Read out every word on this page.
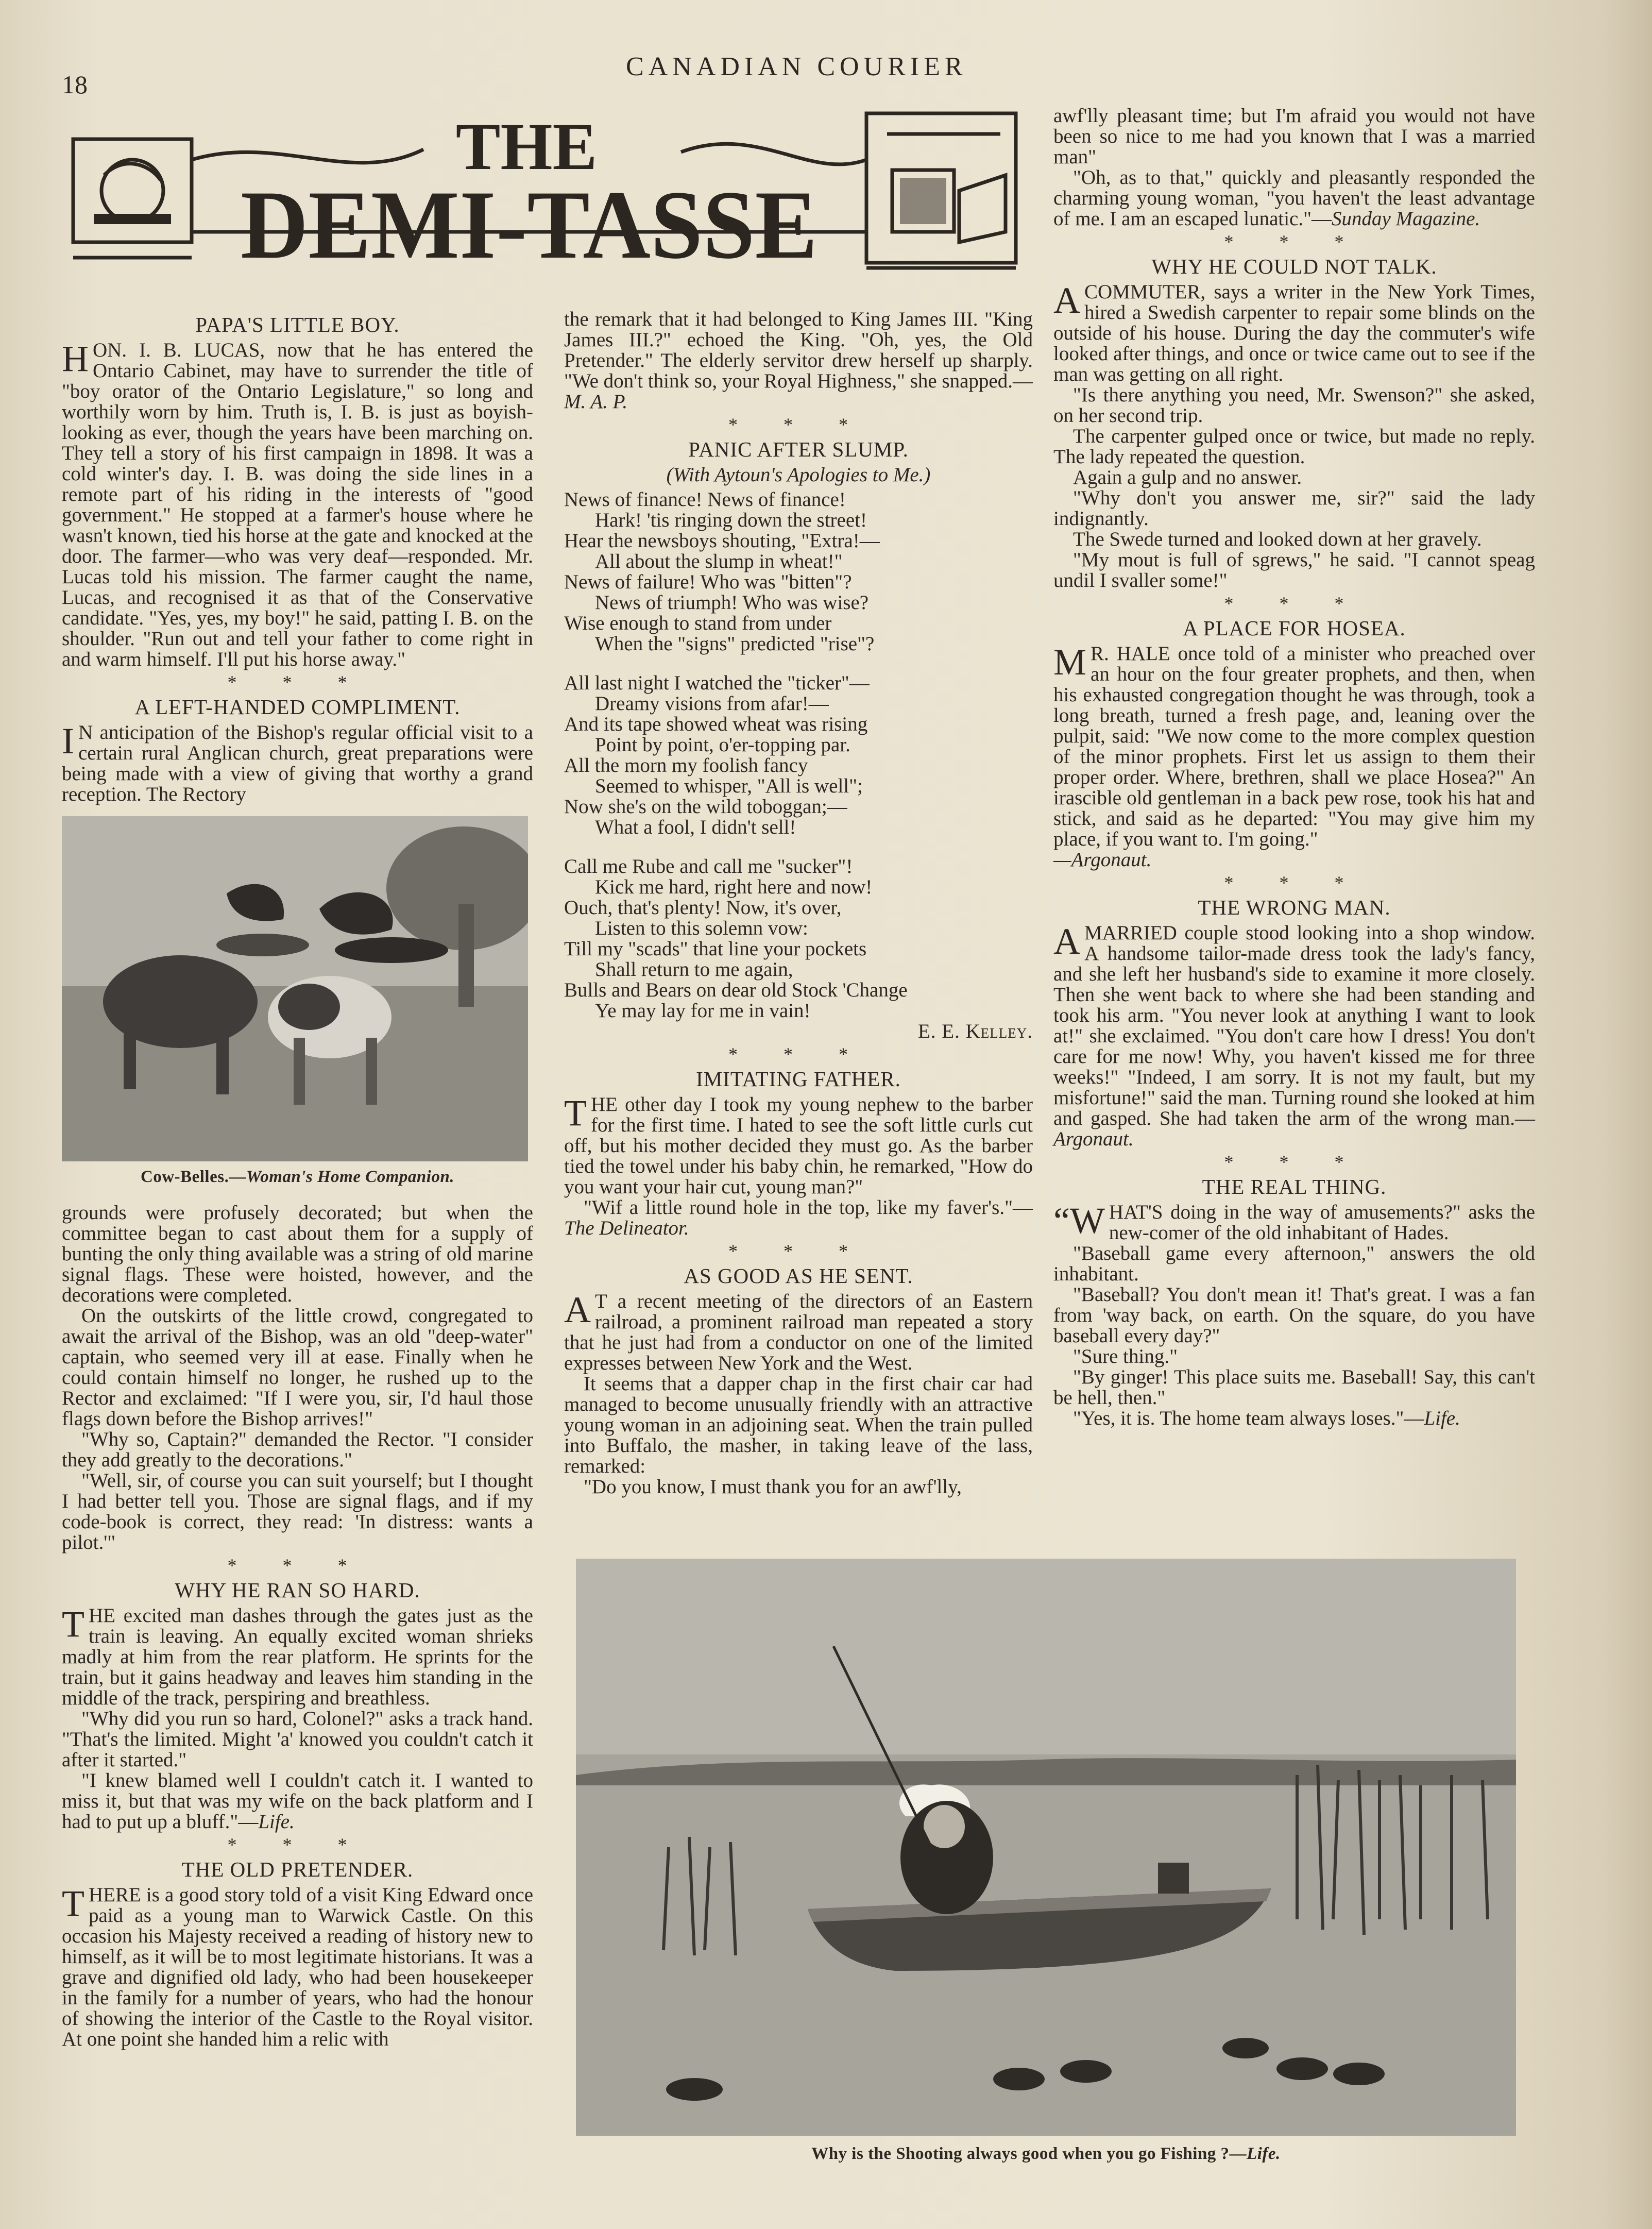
18
CANADIAN COURIER
THE
DEMI-TASSE
PAPA'S LITTLE BOY.

HON. I. B. LUCAS, now that he has entered the Ontario Cabinet, may have to surrender the title of "boy orator of the Ontario Legislature," so long and worthily worn by him. Truth is, I. B. is just as boyish-looking as ever, though the years have been marching on. They tell a story of his first campaign in 1898. It was a cold winter's day. I. B. was doing the side lines in a remote part of his riding in the interests of "good government." He stopped at a farmer's house where he wasn't known, tied his horse at the gate and knocked at the door. The farmer—who was very deaf—responded. Mr. Lucas told his mission. The farmer caught the name, Lucas, and recognised it as that of the Conservative candidate. "Yes, yes, my boy!" he said, patting I. B. on the shoulder. "Run out and tell your father to come right in and warm himself. I'll put his horse away."

* * *
A LEFT-HANDED COMPLIMENT.

I N anticipation of the Bishop's regular official visit to a certain rural Anglican church, great preparations were being made with a view of giving that worthy a grand reception. The Rectory

Cow-Belles.—Woman's Home Companion.

grounds were profusely decorated; but when the committee began to cast about them for a supply of bunting the only thing available was a string of old marine signal flags. These were hoisted, however, and the decorations were completed.

On the outskirts of the little crowd, congregated to await the arrival of the Bishop, was an old "deep-water" captain, who seemed very ill at ease. Finally when he could contain himself no longer, he rushed up to the Rector and exclaimed: "If I were you, sir, I'd haul those flags down before the Bishop arrives!"

"Why so, Captain?" demanded the Rector. "I consider they add greatly to the decorations."

"Well, sir, of course you can suit yourself; but I thought I had better tell you. Those are signal flags, and if my code-book is correct, they read: 'In distress: wants a pilot.'"

* * *
WHY HE RAN SO HARD.

THE excited man dashes through the gates just as the train is leaving. An equally excited woman shrieks madly at him from the rear platform. He sprints for the train, but it gains headway and leaves him standing in the middle of the track, perspiring and breathless.

"Why did you run so hard, Colonel?" asks a track hand. "That's the limited. Might 'a' knowed you couldn't catch it after it started."

"I knew blamed well I couldn't catch it. I wanted to miss it, but that was my wife on the back platform and I had to put up a bluff."—Life.

* * *
THE OLD PRETENDER.

THERE is a good story told of a visit King Edward once paid as a young man to Warwick Castle. On this occasion his Majesty received a reading of history new to himself, as it will be to most legitimate historians. It was a grave and dignified old lady, who had been housekeeper in the family for a number of years, who had the honour of showing the interior of the Castle to the Royal visitor. At one point she handed him a relic with

the remark that it had belonged to King James III. "King James III.?" echoed the King. "Oh, yes, the Old Pretender." The elderly servitor drew herself up sharply. "We don't think so, your Royal Highness," she snapped.—M. A. P.

* * *
PANIC AFTER SLUMP.
(With Aytoun's Apologies to Me.)
News of finance! News of finance!
Hark! 'tis ringing down the street!
Hear the newsboys shouting, "Extra!—
All about the slump in wheat!"
News of failure! Who was "bitten"?
News of triumph! Who was wise?
Wise enough to stand from under
When the "signs" predicted "rise"?
All last night I watched the "ticker"—
Dreamy visions from afar!—
And its tape showed wheat was rising
Point by point, o'er-topping par.
All the morn my foolish fancy
Seemed to whisper, "All is well";
Now she's on the wild toboggan;—
What a fool, I didn't sell!
Call me Rube and call me "sucker"!
Kick me hard, right here and now!
Ouch, that's plenty! Now, it's over,
Listen to this solemn vow:
Till my "scads" that line your pockets
Shall return to me again,
Bulls and Bears on dear old Stock 'Change
Ye may lay for me in vain!
E. E. Kelley.
* * *
IMITATING FATHER.

THE other day I took my young nephew to the barber for the first time. I hated to see the soft little curls cut off, but his mother decided they must go. As the barber tied the towel under his baby chin, he remarked, "How do you want your hair cut, young man?"

"Wif a little round hole in the top, like my faver's."—The Delineator.

* * *
AS GOOD AS HE SENT.

A T a recent meeting of the directors of an Eastern railroad, a prominent railroad man repeated a story that he just had from a conductor on one of the limited expresses between New York and the West.

It seems that a dapper chap in the first chair car had managed to become unusually friendly with an attractive young woman in an adjoining seat. When the train pulled into Buffalo, the masher, in taking leave of the lass, remarked:

"Do you know, I must thank you for an awf'lly,

awf'lly pleasant time; but I'm afraid you would not have been so nice to me had you known that I was a married man"

"Oh, as to that," quickly and pleasantly responded the charming young woman, "you haven't the least advantage of me. I am an escaped lunatic."—Sunday Magazine.

* * *
WHY HE COULD NOT TALK.

ACOMMUTER, says a writer in the New York Times, hired a Swedish carpenter to repair some blinds on the outside of his house. During the day the commuter's wife looked after things, and once or twice came out to see if the man was getting on all right.

"Is there anything you need, Mr. Swenson?" she asked, on her second trip.

The carpenter gulped once or twice, but made no reply. The lady repeated the question.

Again a gulp and no answer.

"Why don't you answer me, sir?" said the lady indignantly.

The Swede turned and looked down at her gravely.

"My mout is full of sgrews," he said. "I cannot speag undil I svaller some!"

* * *
A PLACE FOR HOSEA.

M R. HALE once told of a minister who preached over an hour on the four greater prophets, and then, when his exhausted congregation thought he was through, took a long breath, turned a fresh page, and, leaning over the pulpit, said: "We now come to the more complex question of the minor prophets. First let us assign to them their proper order. Where, brethren, shall we place Hosea?" An irascible old gentleman in a back pew rose, took his hat and stick, and said as he departed: "You may give him my place, if you want to. I'm going."

—Argonaut.
* * *
THE WRONG MAN.

AMARRIED couple stood looking into a shop window. A handsome tailor-made dress took the lady's fancy, and she left her husband's side to examine it more closely. Then she went back to where she had been standing and took his arm. "You never look at anything I want to look at!" she exclaimed. "You don't care how I dress! You don't care for me now! Why, you haven't kissed me for three weeks!" "Indeed, I am sorry. It is not my fault, but my misfortune!" said the man. Turning round she looked at him and gasped. She had taken the arm of the wrong man.—Argonaut.

* * *
THE REAL THING.

“WHAT'S doing in the way of amusements?" asks the new-comer of the old inhabitant of Hades.

"Baseball game every afternoon," answers the old inhabitant.

"Baseball? You don't mean it! That's great. I was a fan from 'way back, on earth. On the square, do you have baseball every day?"

"Sure thing."

"By ginger! This place suits me. Baseball! Say, this can't be hell, then."

"Yes, it is. The home team always loses."—Life.

Why is the Shooting always good when you go Fishing ?—Life.
